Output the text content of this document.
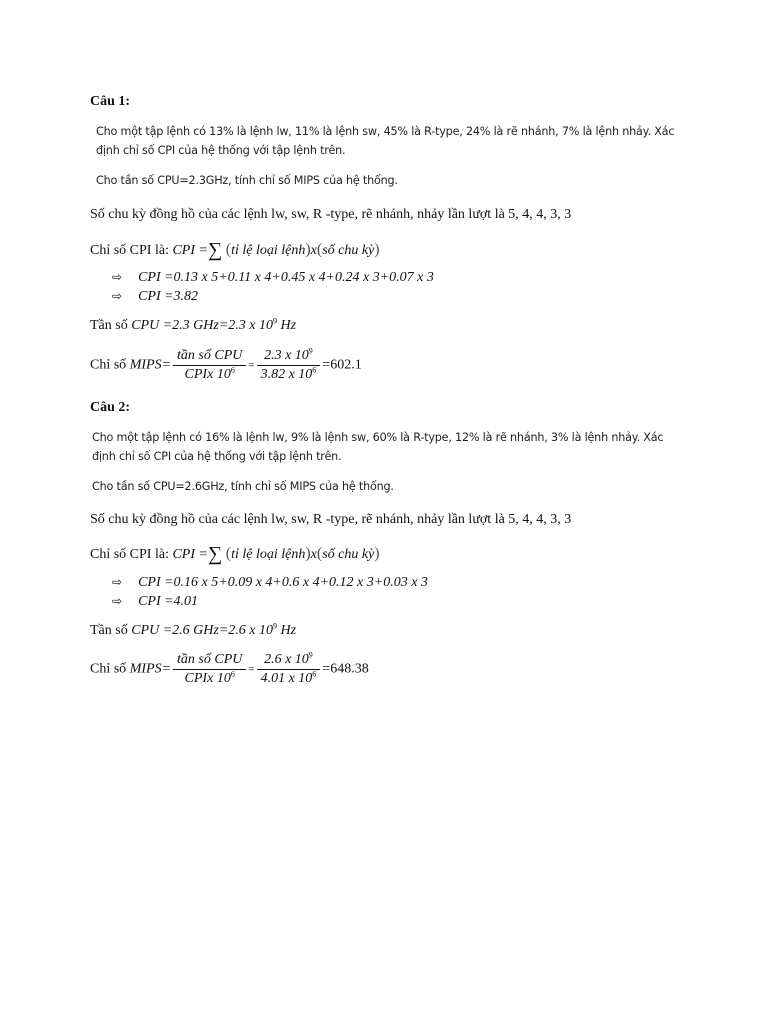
Câu 1:
Cho một tập lệnh có 13% là lệnh lw, 11% là lệnh sw, 45% là R-type, 24% là rẽ nhánh, 7% là lệnh nhảy. Xác
định chỉ số CPI của hệ thống với tập lệnh trên.
Cho tần số CPU=2.3GHz, tính chỉ số MIPS của hệ thống.
Số chu kỳ đồng hồ của các lệnh lw, sw, R -type, rẽ nhánh, nhảy lần lượt là 5, 4, 4, 3, 3
Chỉ số CPI là: CPI =∑ (tỉ lệ loại lệnh)x(số chu kỳ)
⇨ CPI =0.13 x 5+0.11 x 4+0.45 x 4+0.24 x 3+0.07 x 3
⇨ CPI =3.82
Tần số CPU =2.3 GHz=2.3 x $10^9$ Hz
Chỉ số MIPS= $\frac{\text{tần số CPU}}{CPIx 10^6} = \frac{2.3 x 10^9}{3.82 x 10^6} =602.1$
Câu 2:
Cho một tập lệnh có 16% là lệnh lw, 9% là lệnh sw, 60% là R-type, 12% là rẽ nhánh, 3% là lệnh nhảy. Xác
định chỉ số CPI của hệ thống với tập lệnh trên.
Cho tần số CPU=2.6GHz, tính chỉ số MIPS của hệ thống.
Số chu kỳ đồng hồ của các lệnh lw, sw, R -type, rẽ nhánh, nhảy lần lượt là 5, 4, 4, 3, 3
Chỉ số CPI là: CPI =∑ (tỉ lệ loại lệnh)x(số chu kỳ)
⇨ CPI =0.16 x 5+0.09 x 4+0.6 x 4+0.12 x 3+0.03 x 3
⇨ CPI =4.01
Tần số CPU =2.6 GHz=2.6 x $10^9$ Hz
Chỉ số MIPS= $\frac{\text{tần số CPU}}{CPIx 10^6} = \frac{2.6 x 10^9}{4.01 x 10^6} =648.38$
